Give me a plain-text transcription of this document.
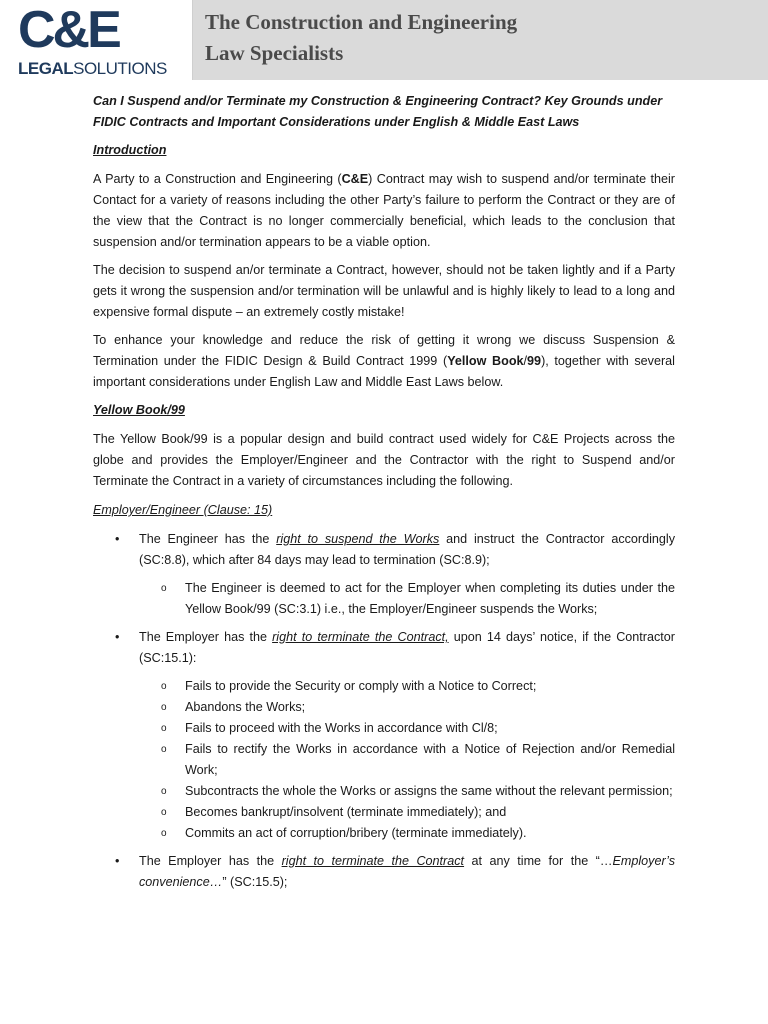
C&E
LEGALSOLUTIONS
The Construction and Engineering
Law Specialists

Can I Suspend and/or Terminate my Construction & Engineering Contract? Key Grounds under FIDIC Contracts and Important Considerations under English & Middle East Laws

Introduction

A Party to a Construction and Engineering (C&E) Contract may wish to suspend and/or terminate their Contact for a variety of reasons including the other Party’s failure to perform the Contract or they are of the view that the Contract is no longer commercially beneficial, which leads to the conclusion that suspension and/or termination appears to be a viable option.

The decision to suspend an/or terminate a Contract, however, should not be taken lightly and if a Party gets it wrong the suspension and/or termination will be unlawful and is highly likely to lead to a long and expensive formal dispute – an extremely costly mistake!

To enhance your knowledge and reduce the risk of getting it wrong we discuss Suspension & Termination under the FIDIC Design & Build Contract 1999 (Yellow Book/99), together with several important considerations under English Law and Middle East Laws below.

Yellow Book/99

The Yellow Book/99 is a popular design and build contract used widely for C&E Projects across the globe and provides the Employer/Engineer and the Contractor with the right to Suspend and/or Terminate the Contract in a variety of circumstances including the following.

Employer/Engineer (Clause: 15)

• The Engineer has the right to suspend the Works and instruct the Contractor accordingly (SC:8.8), which after 84 days may lead to termination (SC:8.9);
o The Engineer is deemed to act for the Employer when completing its duties under the Yellow Book/99 (SC:3.1) i.e., the Employer/Engineer suspends the Works;
• The Employer has the right to terminate the Contract, upon 14 days’ notice, if the Contractor (SC:15.1):
o Fails to provide the Security or comply with a Notice to Correct;
o Abandons the Works;
o Fails to proceed with the Works in accordance with Cl/8;
o Fails to rectify the Works in accordance with a Notice of Rejection and/or Remedial Work;
o Subcontracts the whole the Works or assigns the same without the relevant permission;
o Becomes bankrupt/insolvent (terminate immediately); and
o Commits an act of corruption/bribery (terminate immediately).
• The Employer has the right to terminate the Contract at any time for the “…Employer’s convenience…” (SC:15.5);
